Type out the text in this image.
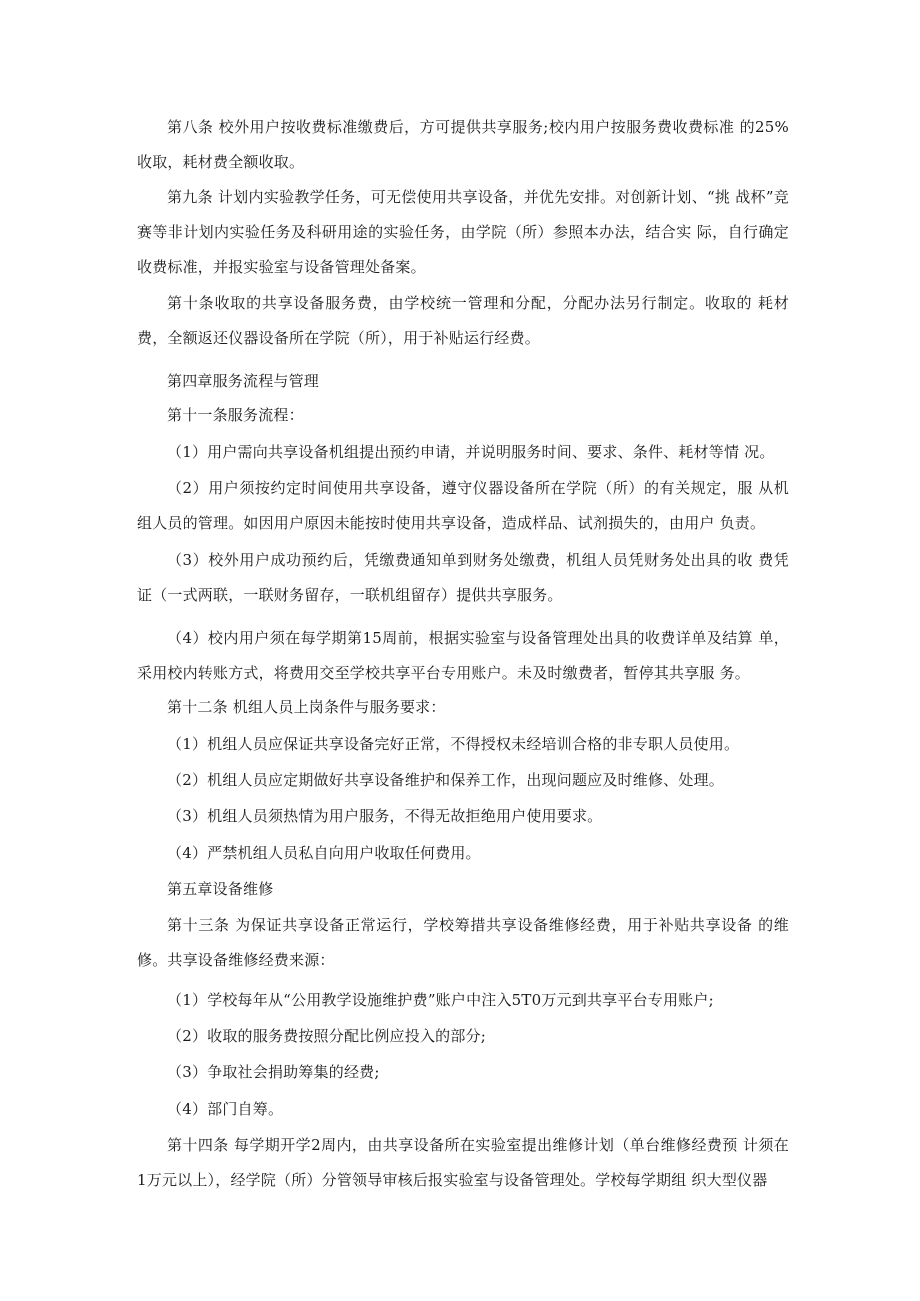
第八条 校外用户按收费标准缴费后，方可提供共享服务;校内用户按服务费收费标准 的25%收取，耗材费全额收取。

第九条 计划内实验教学任务，可无偿使用共享设备，并优先安排。对创新计划、“挑 战杯”竞赛等非计划内实验任务及科研用途的实验任务，由学院（所）参照本办法，结合实 际，自行确定收费标准，并报实验室与设备管理处备案。

第十条收取的共享设备服务费，由学校统一管理和分配，分配办法另行制定。收取的 耗材费，全额返还仪器设备所在学院（所），用于补贴运行经费。

第四章服务流程与管理

第十一条服务流程：

（1）用户需向共享设备机组提出预约申请，并说明服务时间、要求、条件、耗材等情 况。

（2）用户须按约定时间使用共享设备，遵守仪器设备所在学院（所）的有关规定，服 从机组人员的管理。如因用户原因未能按时使用共享设备，造成样品、试剂损失的，由用户 负责。

（3）校外用户成功预约后，凭缴费通知单到财务处缴费，机组人员凭财务处出具的收 费凭证（一式两联，一联财务留存，一联机组留存）提供共享服务。

（4）校内用户须在每学期第15周前，根据实验室与设备管理处出具的收费详单及结算 单，采用校内转账方式，将费用交至学校共享平台专用账户。未及时缴费者，暂停其共享服 务。

第十二条 机组人员上岗条件与服务要求：

（1）机组人员应保证共享设备完好正常，不得授权未经培训合格的非专职人员使用。

（2）机组人员应定期做好共享设备维护和保养工作，出现问题应及时维修、处理。

（3）机组人员须热情为用户服务，不得无故拒绝用户使用要求。

（4）严禁机组人员私自向用户收取任何费用。

第五章设备维修

第十三条 为保证共享设备正常运行，学校筹措共享设备维修经费，用于补贴共享设备 的维修。共享设备维修经费来源：

（1）学校每年从“公用教学设施维护费”账户中注入5T0万元到共享平台专用账户;

（2）收取的服务费按照分配比例应投入的部分;

（3）争取社会捐助筹集的经费;

（4）部门自筹。

第十四条 每学期开学2周内，由共享设备所在实验室提出维修计划（单台维修经费预 计须在1万元以上），经学院（所）分管领导审核后报实验室与设备管理处。学校每学期组 织大型仪器
